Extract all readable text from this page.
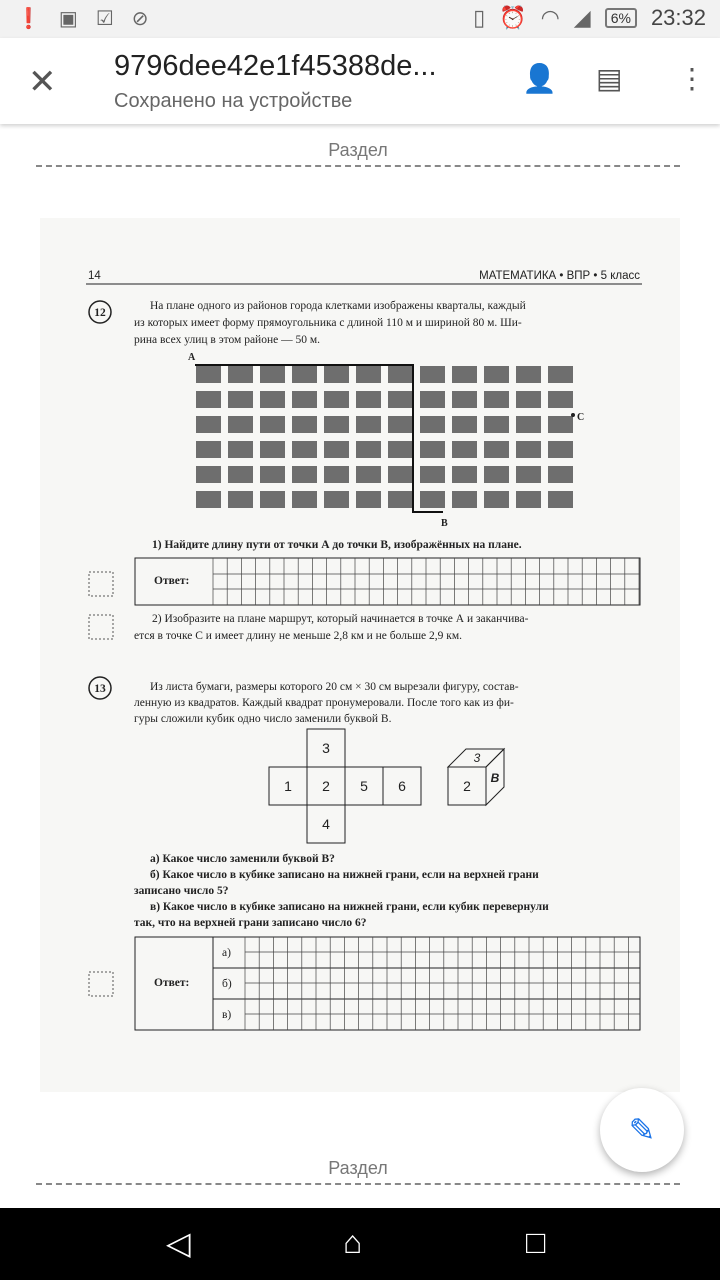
❗ ▣ ☑ ⊘	▯ ⏰ ◠ ◢	6% 23:32
✕ 9796dee42e1f45388de...
Сохранено на устройстве
👤 ▤ ⋮
Раздел
14	МАТЕМАТИКА • ВПР • 5 класс
12
На плане одного из районов города клетками изображены кварталы, каждый
из которых имеет форму прямоугольника с длиной 110 м и шириной 80 м. Ши-
рина всех улиц в этом районе — 50 м.
A
B
C
1) Найдите длину пути от точки А до точки В, изображённых на плане.
Ответ:
2) Изобразите на плане маршрут, который начинается в точке А и заканчива-
ется в точке С и имеет длину не меньше 2,8 км и не больше 2,9 км.
13	Из листа бумаги, размеры которого 20 см × 30 см вырезали фигуру, состав-
ленную из квадратов. Каждый квадрат пронумеровали. После того как из фи-
гуры сложили кубик одно число заменили буквой В.
3
1 2 5 6
4
2
3
B
а) Какое число заменили буквой В?
б) Какое число в кубике записано на нижней грани, если на верхней грани
записано число 5?
в) Какое число в кубике записано на нижней грани, если кубик перевернули
так, что на верхней грани записано число 6?
Ответ:
а)
б)
в)
Раздел
✎
◁	⌂	□
